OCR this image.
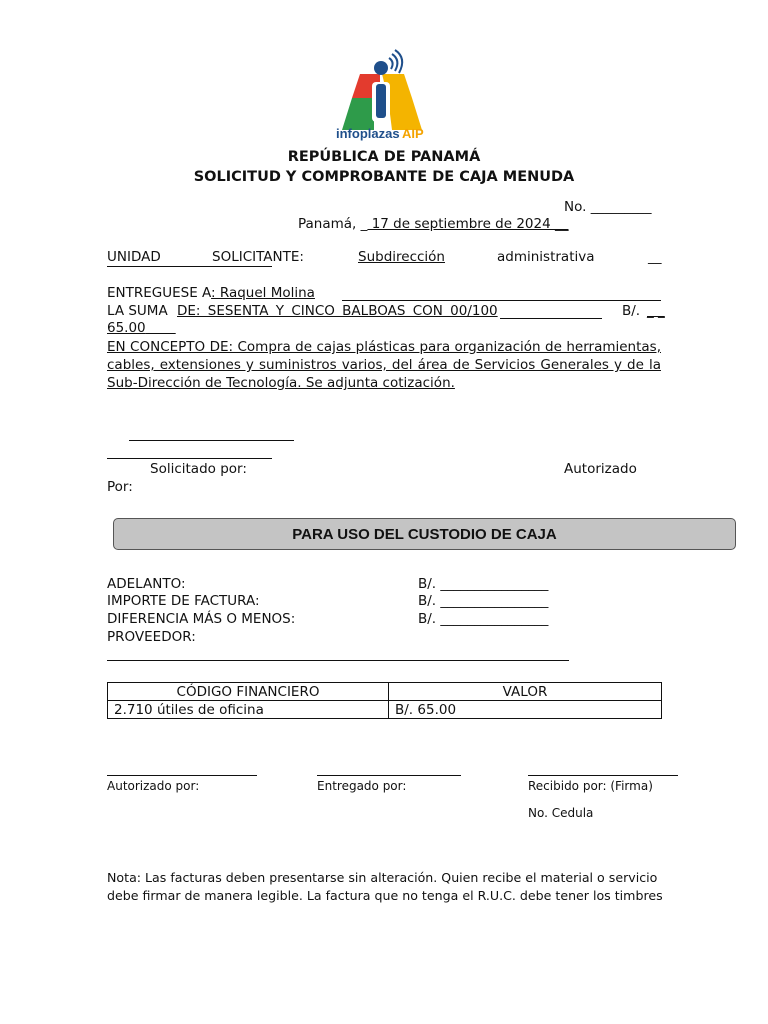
infoplazas AIP
REPÚBLICA DE PANAMÁ
SOLICITUD Y COMPROBANTE DE CAJA MENUDA
No. _________
Panamá, _ 17 de septiembre de 2024 __
UNIDAD	SOLICITANTE:	Subdirección	administrativa
	__
ENTREGUESE A: Raquel Molina
LA SUMA DE: SESENTA Y CINCO BALBOAS CON 00/100	B/. _ _
65.00
EN CONCEPTO DE: Compra de cajas plásticas para organización de herramientas, cables, extensiones y suministros varios, del área de Servicios Generales y de la Sub-Dirección de Tecnología. Se adjunta cotización.
Solicitado por:	Autorizado
Por:
PARA USO DEL CUSTODIO DE CAJA
ADELANTO:	B/. ________________
IMPORTE DE FACTURA:	B/. ________________
DIFERENCIA MÁS O MENOS:	B/. ________________
PROVEEDOR:
CÓDIGO FINANCIERO	VALOR
2.710 útiles de oficina	B/. 65.00
Autorizado por:	Entregado por:	Recibido por: (Firma)
No. Cedula
Nota: Las facturas deben presentarse sin alteración. Quien recibe el material o servicio debe firmar de manera legible. La factura que no tenga el R.U.C. debe tener los timbres
